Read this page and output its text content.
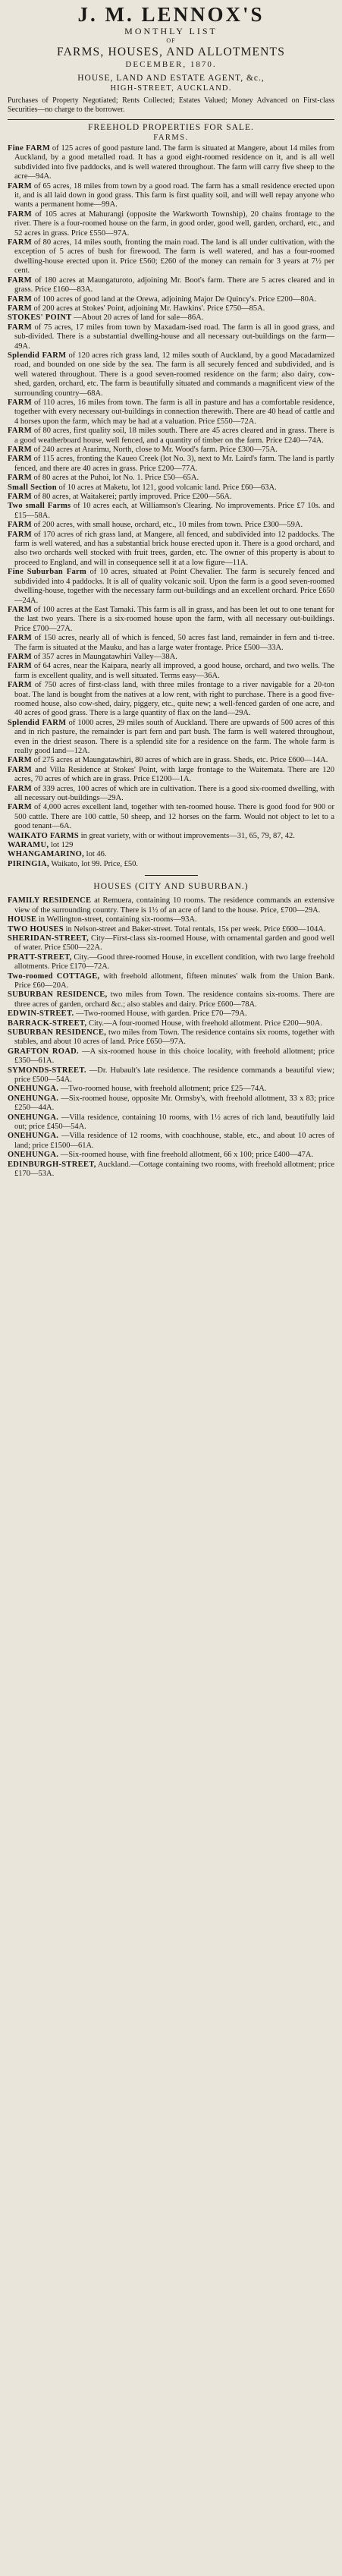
J. M. LENNOX'S
MONTHLY LIST
OF
FARMS, HOUSES, AND ALLOTMENTS
DECEMBER, 1870.
HOUSE, LAND AND ESTATE AGENT, &c.,
HIGH-STREET, AUCKLAND.
Purchases of Property Negotiated; Rents Collected; Estates Valued; Money Advanced on First-class Securities—no charge to the borrower.
FREEHOLD PROPERTIES FOR SALE.
FARMS.

Fine FARM of 125 acres of good pasture land. The farm is situated at Mangere, about 14 miles from Auckland, by a good metalled road. It has a good eight-roomed residence on it, and is all well subdivided into five paddocks, and is well watered throughout. The farm will carry five sheep to the acre—94A.

FARM of 65 acres, 18 miles from town by a good road. The farm has a small residence erected upon it, and is all laid down in good grass. This farm is first quality soil, and will well repay anyone who wants a permanent home—99A.

FARM of 105 acres at Mahurangi (opposite the Warkworth Township), 20 chains frontage to the river. There is a four-roomed house on the farm, in good order, good well, garden, orchard, etc., and 52 acres in grass. Price £550—97A.

FARM of 80 acres, 14 miles south, fronting the main road. The land is all under cultivation, with the exception of 5 acres of bush for firewood. The farm is well watered, and has a four-roomed dwelling-house erected upon it. Price £560; £260 of the money can remain for 3 years at 7½ per cent.

FARM of 180 acres at Maungaturoto, adjoining Mr. Boot's farm. There are 5 acres cleared and in grass. Price £160—83A.

FARM of 100 acres of good land at the Orewa, adjoining Major De Quincy's. Price £200—80A.

FARM of 200 acres at Stokes' Point, adjoining Mr. Hawkins'. Price £750—85A.

STOKES' POINT —About 20 acres of land for sale—86A.

FARM of 75 acres, 17 miles from town by Maxadam-ised road. The farm is all in good grass, and sub-divided. There is a substantial dwelling-house and all necessary out-buildings on the farm—49A.

Splendid FARM of 120 acres rich grass land, 12 miles south of Auckland, by a good Macadamized road, and bounded on one side by the sea. The farm is all securely fenced and subdivided, and is well watered throughout. There is a good seven-roomed residence on the farm; also dairy, cow-shed, garden, orchard, etc. The farm is beautifully situated and commands a magnificent view of the surrounding country—68A.

FARM of 110 acres, 16 miles from town. The farm is all in pasture and has a comfortable residence, together with every necessary out-buildings in connection therewith. There are 40 head of cattle and 4 horses upon the farm, which may be had at a valuation. Price £550—72A.

FARM of 80 acres, first quality soil, 18 miles south. There are 45 acres cleared and in grass. There is a good weatherboard house, well fenced, and a quantity of timber on the farm. Price £240—74A.

FARM of 240 acres at Ararimu, North, close to Mr. Wood's farm. Price £300—75A.

FARM of 115 acres, fronting the Kaueo Creek (lot No. 3), next to Mr. Laird's farm. The land is partly fenced, and there are 40 acres in grass. Price £200—77A.

FARM of 80 acres at the Puhoi, lot No. 1. Price £50—65A.

Small Section of 10 acres at Maketu, lot 121, good volcanic land. Price £60—63A.

FARM of 80 acres, at Waitakerei; partly improved. Price £200—56A.

Two small Farms of 10 acres each, at Williamson's Clearing. No improvements. Price £7 10s. and £15—58A.

FARM of 200 acres, with small house, orchard, etc., 10 miles from town. Price £300—59A.

FARM of 170 acres of rich grass land, at Mangere, all fenced, and subdivided into 12 paddocks. The farm is well watered, and has a substantial brick house erected upon it. There is a good orchard, and also two orchards well stocked with fruit trees, garden, etc. The owner of this property is about to proceed to England, and will in consequence sell it at a low figure—11A.

Fine Suburban Farm of 10 acres, situated at Point Chevalier. The farm is securely fenced and subdivided into 4 paddocks. It is all of quality volcanic soil. Upon the farm is a good seven-roomed dwelling-house, together with the necessary farm out-buildings and an excellent orchard. Price £650—24A.

FARM of 100 acres at the East Tamaki. This farm is all in grass, and has been let out to one tenant for the last two years. There is a six-roomed house upon the farm, with all necessary out-buildings. Price £700—27A.

FARM of 150 acres, nearly all of which is fenced, 50 acres fast land, remainder in fern and ti-tree. The farm is situated at the Mauku, and has a large water frontage. Price £500—33A.

FARM of 357 acres in Maungatawhiri Valley—38A.

FARM of 64 acres, near the Kaipara, nearly all improved, a good house, orchard, and two wells. The farm is excellent quality, and is well situated. Terms easy—36A.

FARM of 750 acres of first-class land, with three miles frontage to a river navigable for a 20-ton boat. The land is bought from the natives at a low rent, with right to purchase. There is a good five-roomed house, also cow-shed, dairy, piggery, etc., quite new; a well-fenced garden of one acre, and 40 acres of good grass. There is a large quantity of flax on the land—29A.

Splendid FARM of 1000 acres, 29 miles south of Auckland. There are upwards of 500 acres of this and in rich pasture, the remainder is part fern and part bush. The farm is well watered throughout, even in the driest season. There is a splendid site for a residence on the farm. The whole farm is really good land—12A.

FARM of 275 acres at Maungatawhiri, 80 acres of which are in grass. Sheds, etc. Price £600—14A.

FARM and Villa Residence at Stokes' Point, with large frontage to the Waitemata. There are 120 acres, 70 acres of which are in grass. Price £1200—1A.

FARM of 339 acres, 100 acres of which are in cultivation. There is a good six-roomed dwelling, with all necessary out-buildings—29A.

FARM of 4,000 acres excellent land, together with ten-roomed house. There is good food for 900 or 500 cattle. There are 100 cattle, 50 sheep, and 12 horses on the farm. Would not object to let to a good tenant—6A.

WAIKATO FARMS in great variety, with or without improvements—31, 65, 79, 87, 42.

WARAMU, lot 129

WHANGAMARINO, lot 46.

PIRINGIA, Waikato, lot 99. Price, £50.

HOUSES (CITY AND SUBURBAN.)

FAMILY RESIDENCE at Remuera, containing 10 rooms. The residence commands an extensive view of the surrounding country. There is 1½ of an acre of land to the house. Price, £700—29A.

HOUSE in Wellington-street, containing six-rooms—93A.

TWO HOUSES in Nelson-street and Baker-street. Total rentals, 15s per week. Price £600—104A.

SHERIDAN-STREET, City—First-class six-roomed House, with ornamental garden and good well of water. Price £500—22A.

PRATT-STREET, City.—Good three-roomed House, in excellent condition, with two large freehold allotments. Price £170—72A.

Two-roomed COTTAGE, with freehold allotment, fifteen minutes' walk from the Union Bank. Price £60—20A.

SUBURBAN RESIDENCE, two miles from Town. The residence contains six-rooms. There are three acres of garden, orchard &c.; also stables and dairy. Price £600—78A.

EDWIN-STREET. —Two-roomed House, with garden. Price £70—79A.

BARRACK-STREET, City.—A four-roomed House, with freehold allotment. Price £200—90A.

SUBURBAN RESIDENCE, two miles from Town. The residence contains six rooms, together with stables, and about 10 acres of land. Price £650—97A.

GRAFTON ROAD. —A six-roomed house in this choice locality, with freehold allotment; price £350—61A.

SYMONDS-STREET. —Dr. Hubault's late residence. The residence commands a beautiful view; price £500—54A.

ONEHUNGA. —Two-roomed house, with freehold allotment; price £25—74A.

ONEHUNGA. —Six-roomed house, opposite Mr. Ormsby's, with freehold allotment, 33 x 83; price £250—44A.

ONEHUNGA. —Villa residence, containing 10 rooms, with 1½ acres of rich land, beautifully laid out; price £450—54A.

ONEHUNGA. —Villa residence of 12 rooms, with coachhouse, stable, etc., and about 10 acres of land; price £1500—61A.

ONEHUNGA. —Six-roomed house, with fine freehold allotment, 66 x 100; price £400—47A.

EDINBURGH-STREET, Auckland.—Cottage containing two rooms, with freehold allotment; price £170—53A.
